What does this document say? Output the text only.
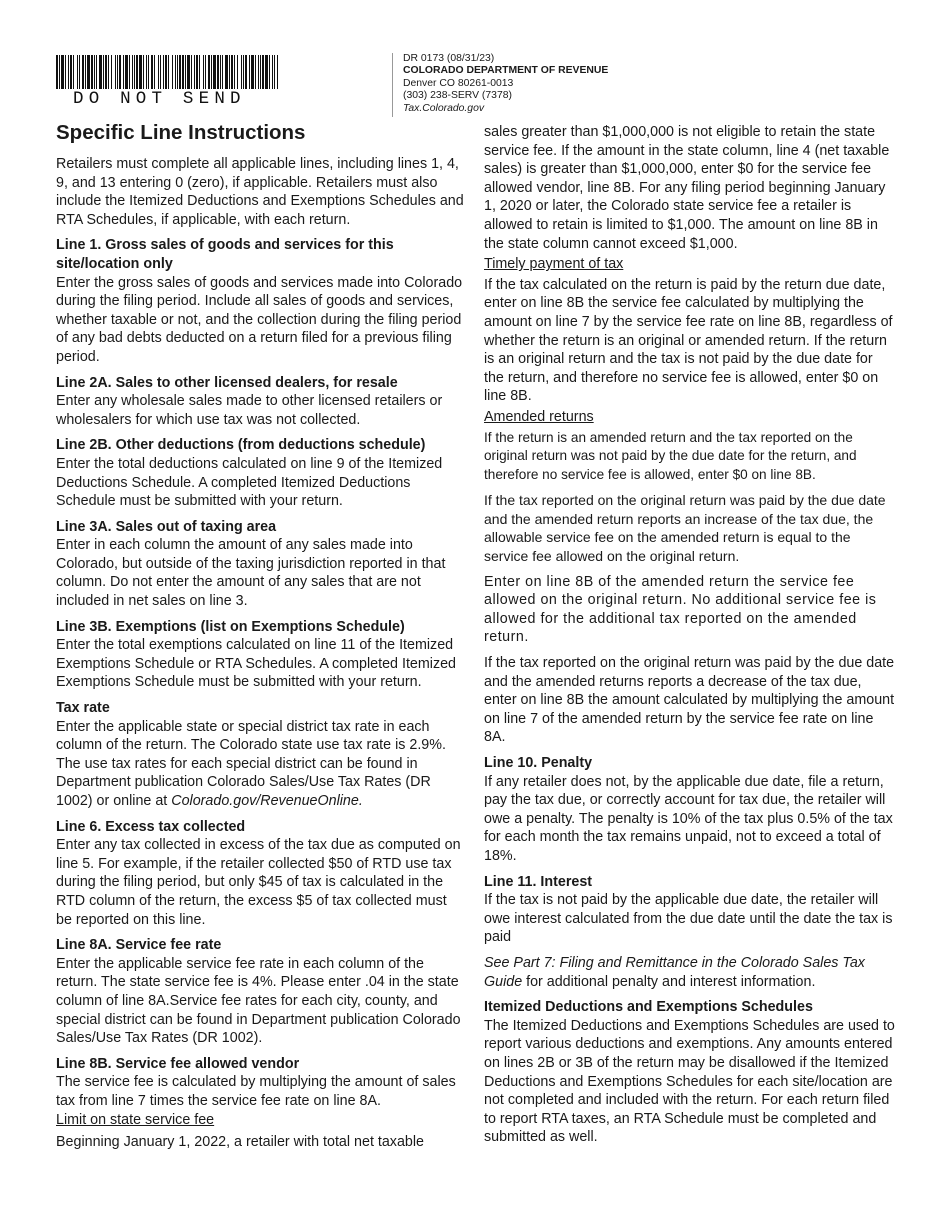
DO NOT SEND
DR 0173 (08/31/23)
COLORADO DEPARTMENT OF REVENUE
Denver CO 80261-0013
(303) 238-SERV (7378)
Tax.Colorado.gov
Specific Line Instructions

Retailers must complete all applicable lines, including lines 1, 4, 9, and 13 entering 0 (zero), if applicable. Retailers must also include the Itemized Deductions and Exemptions Schedules and RTA Schedules, if applicable, with each return.

Line 1. Gross sales of goods and services for this site/location only

Enter the gross sales of goods and services made into Colorado during the filing period. Include all sales of goods and services, whether taxable or not, and the collection during the filing period of any bad debts deducted on a return filed for a previous filing period.

Line 2A. Sales to other licensed dealers, for resale

Enter any wholesale sales made to other licensed retailers or wholesalers for which use tax was not collected.

Line 2B. Other deductions (from deductions schedule)

Enter the total deductions calculated on line 9 of the Itemized Deductions Schedule. A completed Itemized Deductions Schedule must be submitted with your return.

Line 3A. Sales out of taxing area

Enter in each column the amount of any sales made into Colorado, but outside of the taxing jurisdiction reported in that column. Do not enter the amount of any sales that are not included in net sales on line 3.

Line 3B. Exemptions (list on Exemptions Schedule)

Enter the total exemptions calculated on line 11 of the Itemized Exemptions Schedule or RTA Schedules. A completed Itemized Exemptions Schedule must be submitted with your return.

Tax rate

Enter the applicable state or special district tax rate in each column of the return. The Colorado state use tax rate is 2.9%. The use tax rates for each special district can be found in Department publication Colorado Sales/Use Tax Rates (DR 1002) or online at Colorado.gov/RevenueOnline.

Line 6. Excess tax collected

Enter any tax collected in excess of the tax due as computed on line 5. For example, if the retailer collected $50 of RTD use tax during the filing period, but only $45 of tax is calculated in the RTD column of the return, the excess $5 of tax collected must be reported on this line.

Line 8A. Service fee rate

Enter the applicable service fee rate in each column of the return. The state service fee is 4%. Please enter .04 in the state column of line 8A.Service fee rates for each city, county, and special district can be found in Department publication Colorado Sales/Use Tax Rates (DR 1002).

Line 8B. Service fee allowed vendor

The service fee is calculated by multiplying the amount of sales tax from line 7 times the service fee rate on line 8A.

Limit on state service fee

Beginning January 1, 2022, a retailer with total net taxable

sales greater than $1,000,000 is not eligible to retain the state service fee. If the amount in the state column, line 4 (net taxable sales) is greater than $1,000,000, enter $0 for the service fee allowed vendor, line 8B. For any filing period beginning January 1, 2020 or later, the Colorado state service fee a retailer is allowed to retain is limited to $1,000. The amount on line 8B in the state column cannot exceed $1,000.

Timely payment of tax

If the tax calculated on the return is paid by the return due date, enter on line 8B the service fee calculated by multiplying the amount on line 7 by the service fee rate on line 8B, regardless of whether the return is an original or amended return. If the return is an original return and the tax is not paid by the due date for the return, and therefore no service fee is allowed, enter $0 on line 8B.

Amended returns

If the return is an amended return and the tax reported on the original return was not paid by the due date for the return, and therefore no service fee is allowed, enter $0 on line 8B.

If the tax reported on the original return was paid by the due date and the amended return reports an increase of the tax due, the allowable service fee on the amended return is equal to the service fee allowed on the original return.

Enter on line 8B of the amended return the service fee allowed on the original return. No additional service fee is allowed for the additional tax reported on the amended return.

If the tax reported on the original return was paid by the due date and the amended returns reports a decrease of the tax due, enter on line 8B the amount calculated by multiplying the amount on line 7 of the amended return by the service fee rate on line 8A.

Line 10. Penalty

If any retailer does not, by the applicable due date, file a return, pay the tax due, or correctly account for tax due, the retailer will owe a penalty. The penalty is 10% of the tax plus 0.5% of the tax for each month the tax remains unpaid, not to exceed a total of 18%.

Line 11. Interest

If the tax is not paid by the applicable due date, the retailer will owe interest calculated from the due date until the date the tax is paid

See Part 7: Filing and Remittance in the Colorado Sales Tax Guide for additional penalty and interest information.

Itemized Deductions and Exemptions Schedules

The Itemized Deductions and Exemptions Schedules are used to report various deductions and exemptions. Any amounts entered on lines 2B or 3B of the return may be disallowed if the Itemized Deductions and Exemptions Schedules for each site/location are not completed and included with the return. For each return filed to report RTA taxes, an RTA Schedule must be completed and submitted as well.
